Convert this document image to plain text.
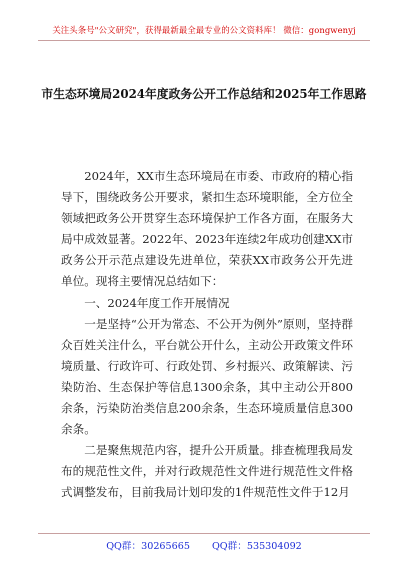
关注头条号"公文研究"，获得最新最全最专业的公文资料库！ 微信：gongwenyj
市生态环境局2024年度政务公开工作总结和2025年工作思路

2024年，XX市生态环境局在市委、市政府的精心指导下，围绕政务公开要求，紧扣生态环境职能，全方位全领域把政务公开贯穿生态环境保护工作各方面，在服务大局中成效显著。2022年、2023年连续2年成功创建XX市政务公开示范点建设先进单位，荣获XX市政务公开先进单位。现将主要情况总结如下：

一、2024年度工作开展情况

一是坚持“公开为常态、不公开为例外”原则，坚持群众百姓关注什么，平台就公开什么，主动公开政策文件环境质量、行政许可、行政处罚、乡村振兴、政策解读、污染防治、生态保护等信息1300余条，其中主动公开800余条，污染防治类信息200余条，生态环境质量信息300余条。

二是聚焦规范内容，提升公开质量。排查梳理我局发布的规范性文件，并对行政规范性文件进行规范性文件格式调整发布，目前我局计划印发的1件规范性文件于12月

QQ群：30265665 QQ群：535304092
